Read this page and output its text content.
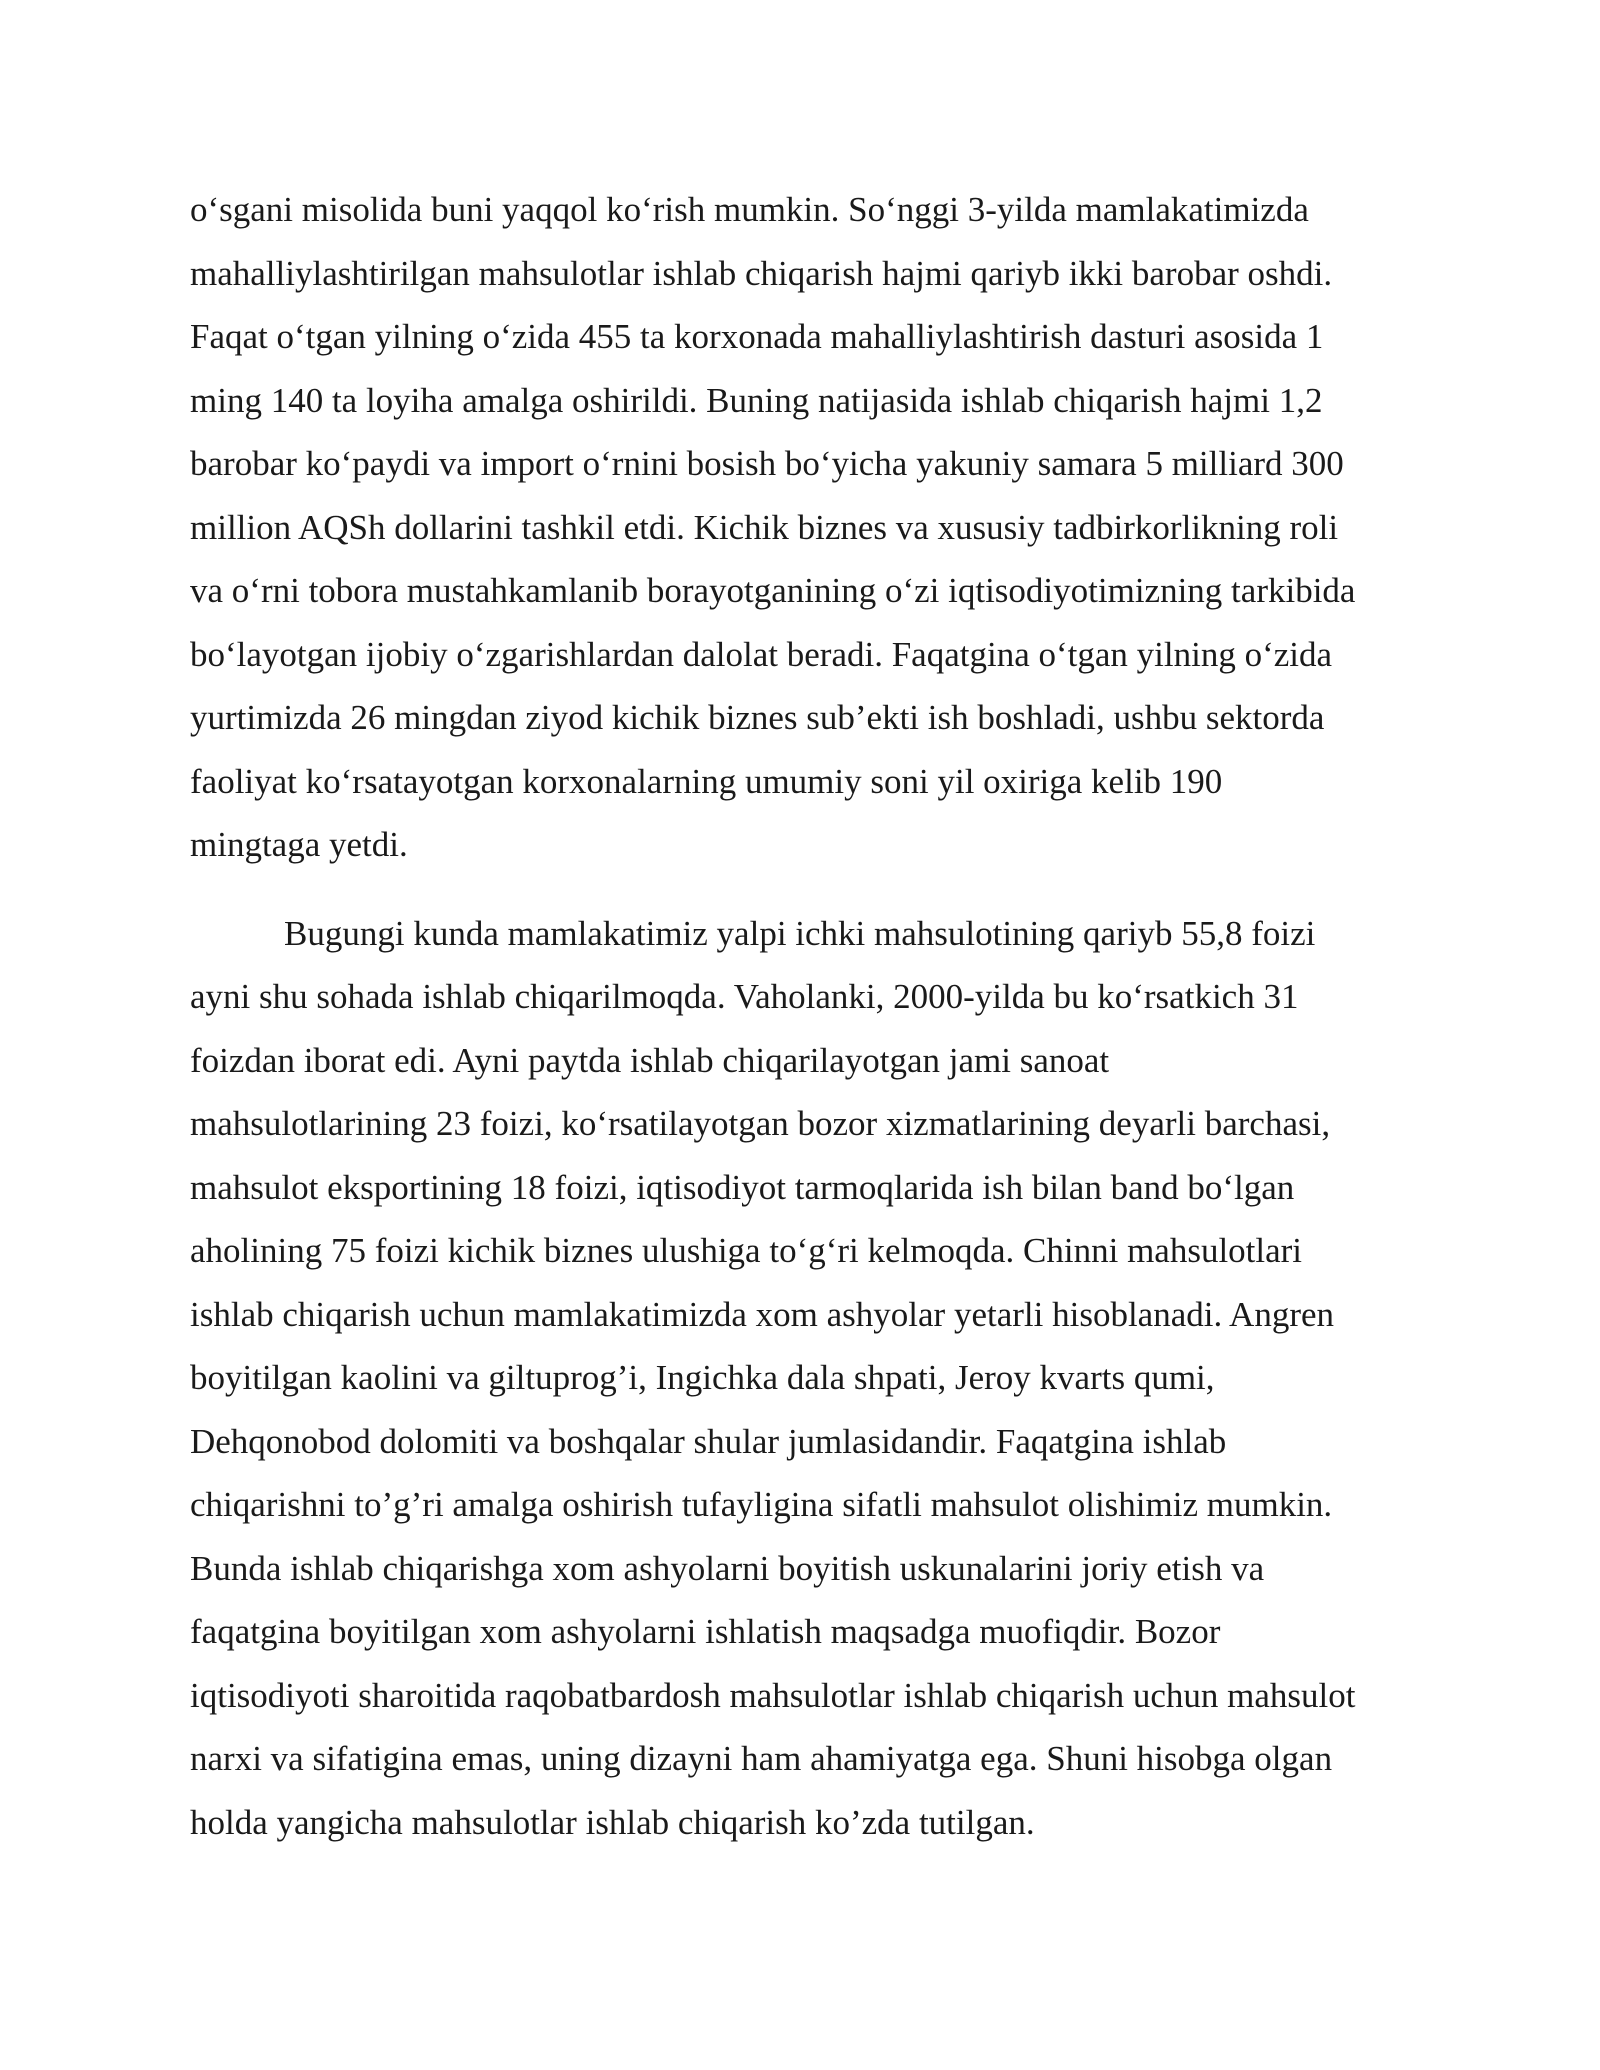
o‘sgani misolida buni yaqqol ko‘rish mumkin. So‘nggi 3-yilda mamlakatimizda
mahalliylashtirilgan mahsulotlar ishlab chiqarish hajmi qariyb ikki barobar oshdi.
Faqat o‘tgan yilning o‘zida 455 ta korxonada mahalliylashtirish dasturi asosida 1
ming 140 ta loyiha amalga oshirildi. Buning natijasida ishlab chiqarish hajmi 1,2
barobar ko‘paydi va import o‘rnini bosish bo‘yicha yakuniy samara 5 milliard 300
million AQSh dollarini tashkil etdi. Kichik biznes va xususiy tadbirkorlikning roli
va o‘rni tobora mustahkamlanib borayotganining o‘zi iqtisodiyotimizning tarkibida
bo‘layotgan ijobiy o‘zgarishlardan dalolat beradi. Faqatgina o‘tgan yilning o‘zida
yurtimizda 26 mingdan ziyod kichik biznes sub’ekti ish boshladi, ushbu sektorda
faoliyat ko‘rsatayotgan korxonalarning umumiy soni yil oxiriga kelib 190
mingtaga yetdi.

Bugungi kunda mamlakatimiz yalpi ichki mahsulotining qariyb 55,8 foizi
ayni shu sohada ishlab chiqarilmoqda. Vaholanki, 2000-yilda bu ko‘rsatkich 31
foizdan iborat edi. Ayni paytda ishlab chiqarilayotgan jami sanoat
mahsulotlarining 23 foizi, ko‘rsatilayotgan bozor xizmatlarining deyarli barchasi,
mahsulot eksportining 18 foizi, iqtisodiyot tarmoqlarida ish bilan band bo‘lgan
aholining 75 foizi kichik biznes ulushiga to‘g‘ri kelmoqda. Chinni mahsulotlari
ishlab chiqarish uchun mamlakatimizda xom ashyolar yetarli hisoblanadi. Angren
boyitilgan kaolini va giltuprog’i, Ingichka dala shpati, Jeroy kvarts qumi,
Dehqonobod dolomiti va boshqalar shular jumlasidandir. Faqatgina ishlab
chiqarishni to’g’ri amalga oshirish tufayligina sifatli mahsulot olishimiz mumkin.
Bunda ishlab chiqarishga xom ashyolarni boyitish uskunalarini joriy etish va
faqatgina boyitilgan xom ashyolarni ishlatish maqsadga muofiqdir. Bozor
iqtisodiyoti sharoitida raqobatbardosh mahsulotlar ishlab chiqarish uchun mahsulot
narxi va sifatigina emas, uning dizayni ham ahamiyatga ega. Shuni hisobga olgan
holda yangicha mahsulotlar ishlab chiqarish ko’zda tutilgan.
